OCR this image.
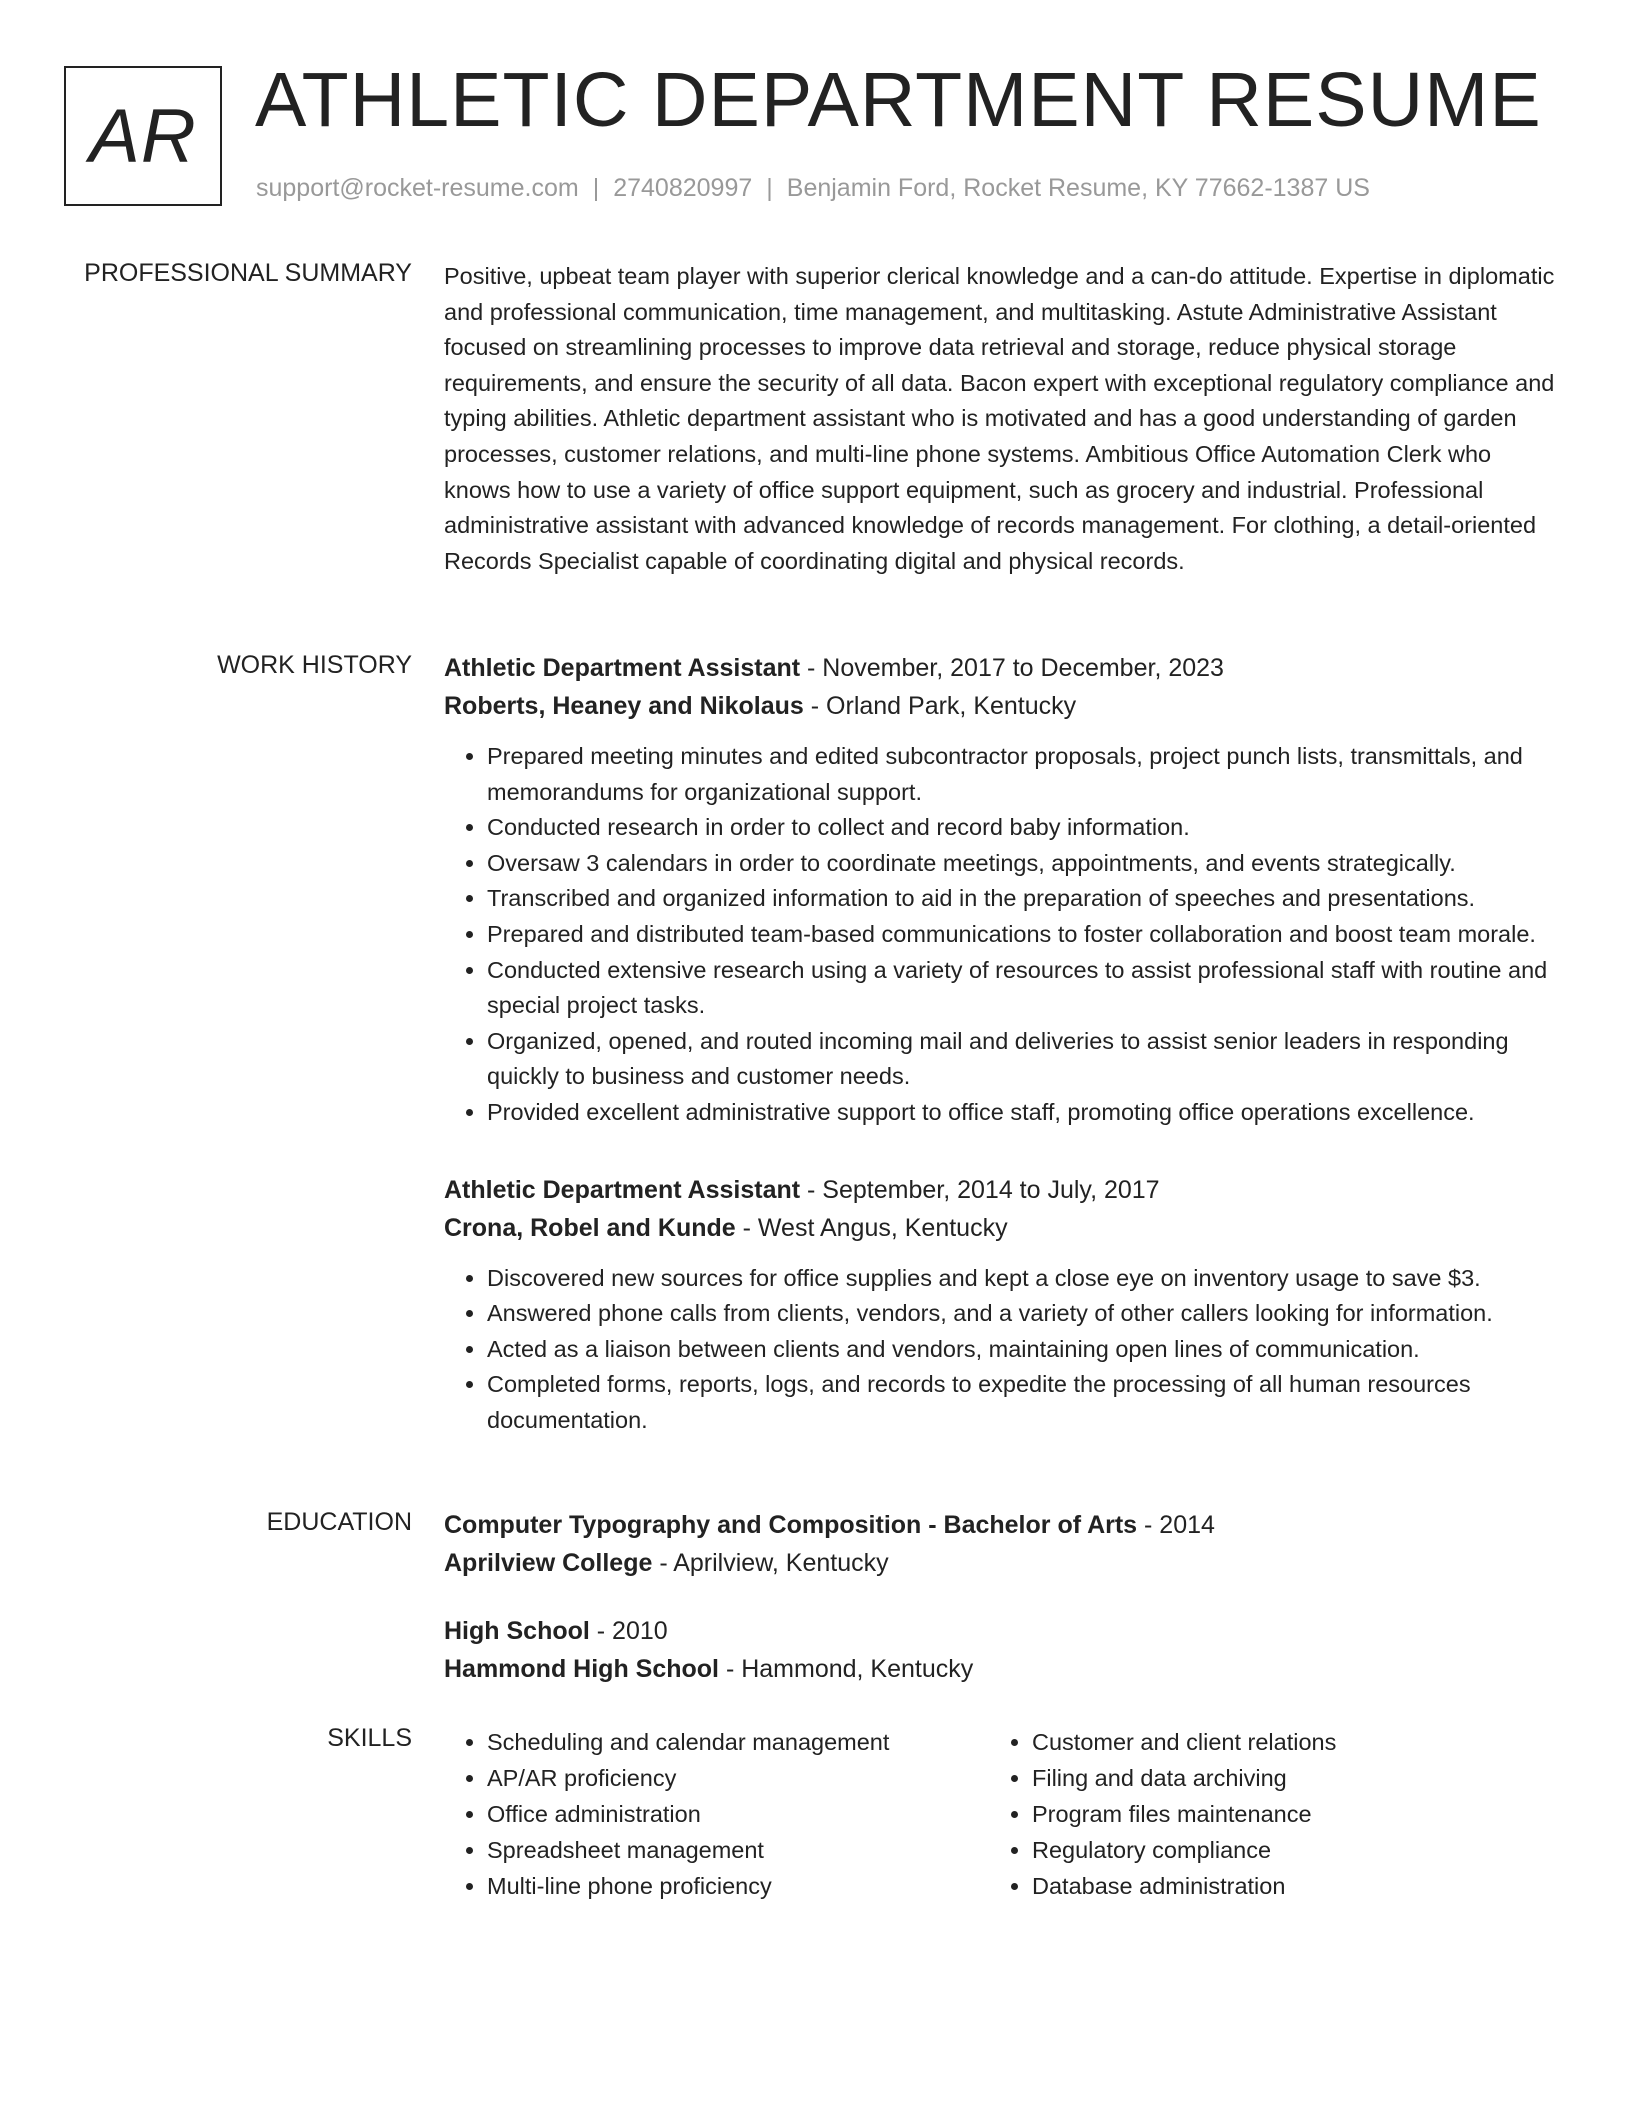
AR ATHLETIC DEPARTMENT RESUME
support@rocket-resume.com | 2740820997 | Benjamin Ford, Rocket Resume, KY 77662-1387 US
PROFESSIONAL SUMMARY Positive, upbeat team player with superior clerical knowledge and a can-do attitude. Expertise in diplomatic and professional communication, time management, and multitasking. Astute Administrative Assistant focused on streamlining processes to improve data retrieval and storage, reduce physical storage requirements, and ensure the security of all data. Bacon expert with exceptional regulatory compliance and typing abilities. Athletic department assistant who is motivated and has a good understanding of garden processes, customer relations, and multi-line phone systems. Ambitious Office Automation Clerk who knows how to use a variety of office support equipment, such as grocery and industrial. Professional administrative assistant with advanced knowledge of records management. For clothing, a detail-oriented Records Specialist capable of coordinating digital and physical records.
WORK HISTORY Athletic Department Assistant - November, 2017 to December, 2023
Roberts, Heaney and Nikolaus - Orland Park, Kentucky
• Prepared meeting minutes and edited subcontractor proposals, project punch lists, transmittals, and memorandums for organizational support.
• Conducted research in order to collect and record baby information.
• Oversaw 3 calendars in order to coordinate meetings, appointments, and events strategically.
• Transcribed and organized information to aid in the preparation of speeches and presentations.
• Prepared and distributed team-based communications to foster collaboration and boost team morale.
• Conducted extensive research using a variety of resources to assist professional staff with routine and special project tasks.
• Organized, opened, and routed incoming mail and deliveries to assist senior leaders in responding quickly to business and customer needs.
• Provided excellent administrative support to office staff, promoting office operations excellence.
Athletic Department Assistant - September, 2014 to July, 2017
Crona, Robel and Kunde - West Angus, Kentucky
• Discovered new sources for office supplies and kept a close eye on inventory usage to save $3.
• Answered phone calls from clients, vendors, and a variety of other callers looking for information.
• Acted as a liaison between clients and vendors, maintaining open lines of communication.
• Completed forms, reports, logs, and records to expedite the processing of all human resources documentation.
EDUCATION Computer Typography and Composition - Bachelor of Arts - 2014
Aprilview College - Aprilview, Kentucky
High School - 2010
Hammond High School - Hammond, Kentucky
SKILLS
•	Scheduling and calendar management
• AP/AR proficiency
• Office administration
• Spreadsheet management
• Multi-line phone proficiency
• Customer and client relations
• Filing and data archiving
• Program files maintenance
• Regulatory compliance
• Database administration
